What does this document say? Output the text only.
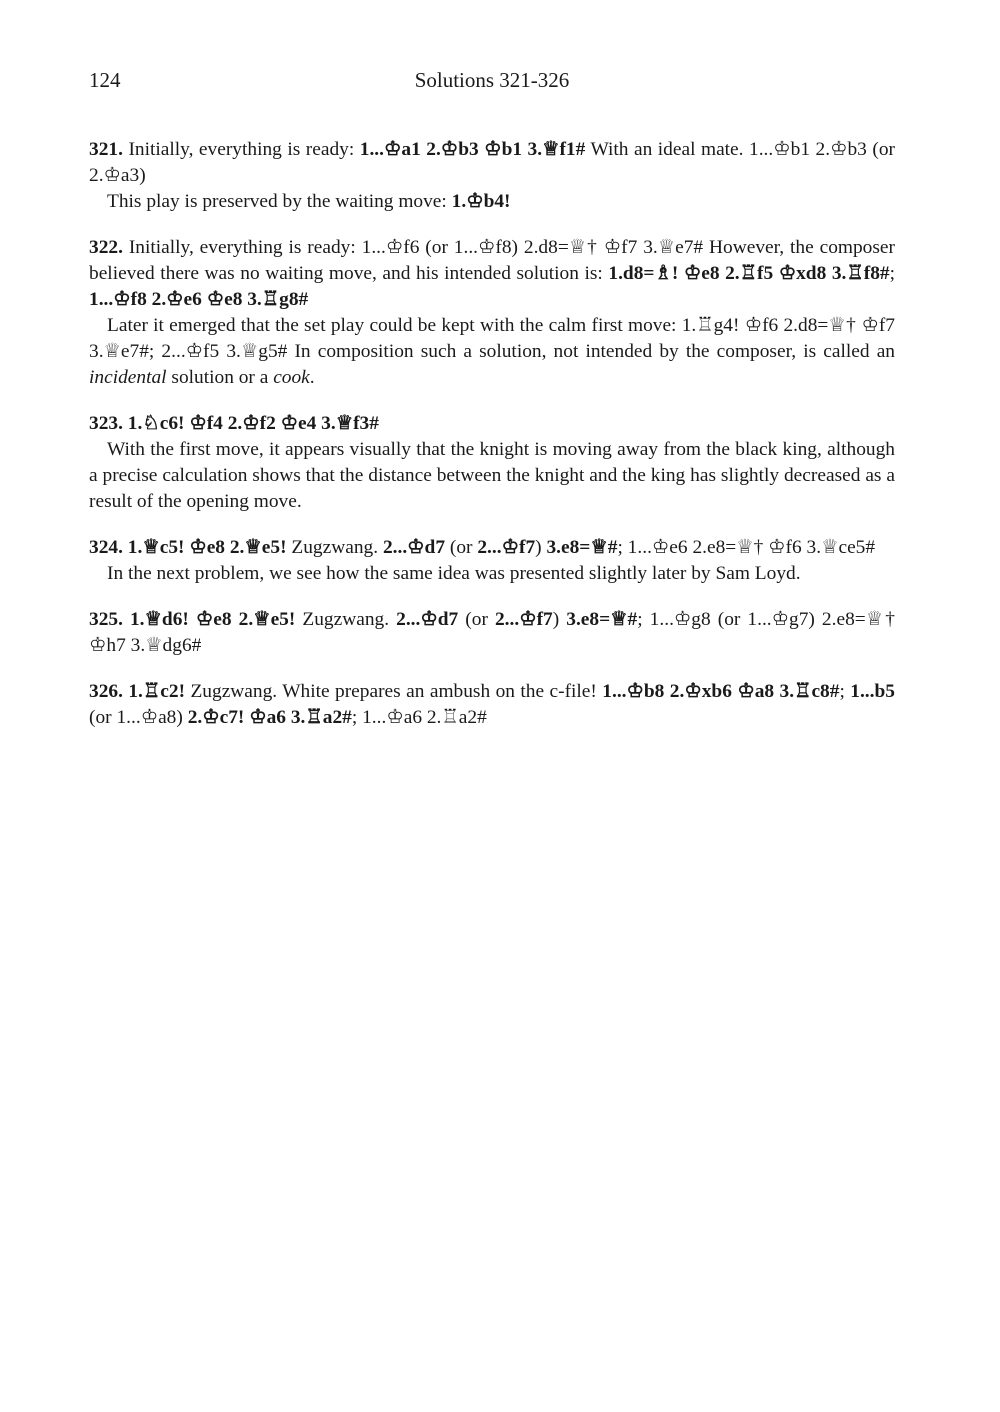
124	Solutions 321-326

321. Initially, everything is ready: 1...♔a1 2.♔b3 ♔b1 3.♕f1# With an ideal mate. 1...♔b1 2.♔b3 (or 2.♔a3)

This play is preserved by the waiting move: 1.♔b4!

322. Initially, everything is ready: 1...♔f6 (or 1...♔f8) 2.d8=♕† ♔f7 3.♕e7# However, the composer believed there was no waiting move, and his intended solution is: 1.d8=♗! ♔e8 2.♖f5 ♔xd8 3.♖f8#; 1...♔f8 2.♔e6 ♔e8 3.♖g8#

Later it emerged that the set play could be kept with the calm first move: 1.♖g4! ♔f6 2.d8=♕† ♔f7 3.♕e7#; 2...♔f5 3.♕g5# In composition such a solution, not intended by the composer, is called an incidental solution or a cook.

323. 1.♘c6! ♔f4 2.♔f2 ♔e4 3.♕f3#

With the first move, it appears visually that the knight is moving away from the black king, although a precise calculation shows that the distance between the knight and the king has slightly decreased as a result of the opening move.

324. 1.♕c5! ♔e8 2.♕e5! Zugzwang. 2...♔d7 (or 2...♔f7) 3.e8=♕#; 1...♔e6 2.e8=♕† ♔f6 3.♕ce5#

In the next problem, we see how the same idea was presented slightly later by Sam Loyd.

325. 1.♕d6! ♔e8 2.♕e5! Zugzwang. 2...♔d7 (or 2...♔f7) 3.e8=♕#; 1...♔g8 (or 1...♔g7) 2.e8=♕† ♔h7 3.♕dg6#

326. 1.♖c2! Zugzwang. White prepares an ambush on the c-file! 1...♔b8 2.♔xb6 ♔a8 3.♖c8#; 1...b5 (or 1...♔a8) 2.♔c7! ♔a6 3.♖a2#; 1...♔a6 2.♖a2#
